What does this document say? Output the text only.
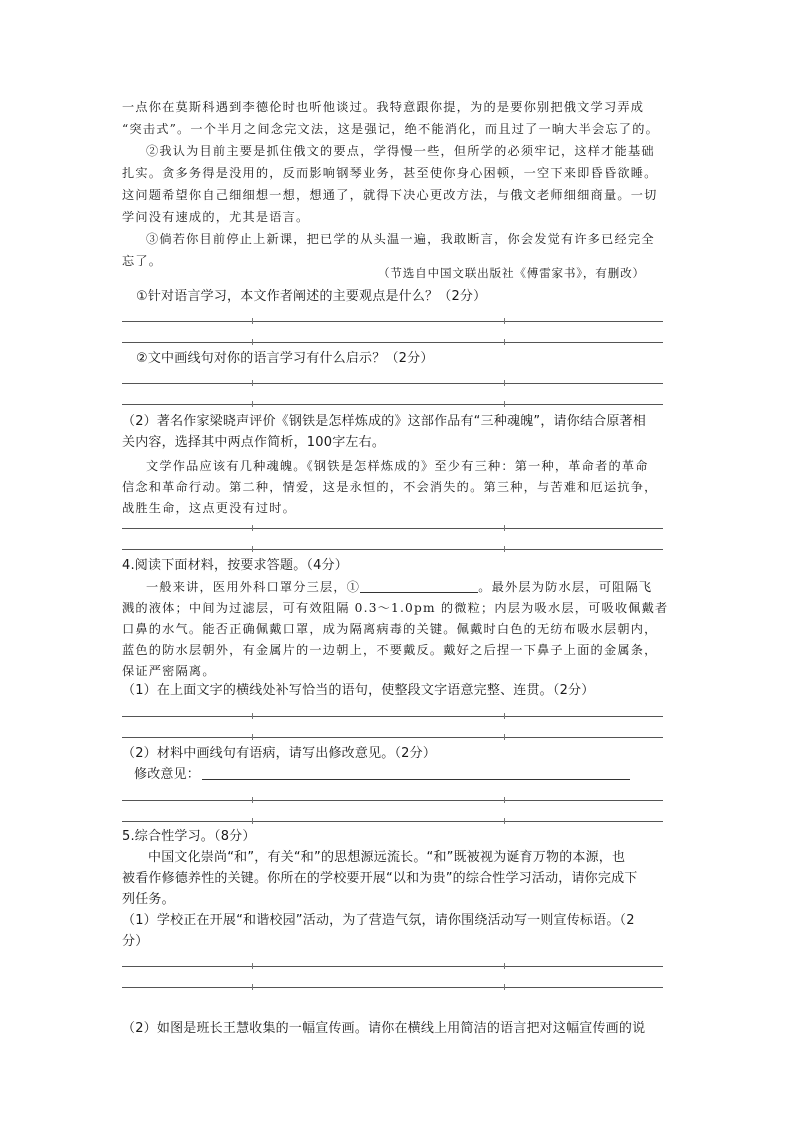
一点你在莫斯科遇到李德伦时也听他谈过。我特意跟你提，为的是要你别把俄文学习弄成
“突击式”。一个半月之间念完文法，这是强记，绝不能消化，而且过了一晌大半会忘了的。
②我认为目前主要是抓住俄文的要点，学得慢一些，但所学的必须牢记，这样才能基础
扎实。贪多务得是没用的，反而影响钢琴业务，甚至使你身心困顿，一空下来即昏昏欲睡。
这问题希望你自己细细想一想，想通了，就得下决心更改方法，与俄文老师细细商量。一切
学问没有速成的，尤其是语言。
③倘若你目前停止上新课，把已学的从头温一遍，我敢断言，你会发觉有许多已经完全
忘了。
（节选自中国文联出版社《傅雷家书》，有删改）
①针对语言学习，本文作者阐述的主要观点是什么？（2分）
②文中画线句对你的语言学习有什么启示？（2分）
（2）著名作家梁晓声评价《钢铁是怎样炼成的》这部作品有“三种魂魄”，请你结合原著相
关内容，选择其中两点作简析，100字左右。
文学作品应该有几种魂魄。《钢铁是怎样炼成的》至少有三种：第一种，革命者的革命
信念和革命行动。第二种，情爱，这是永恒的，不会消失的。第三种，与苦难和厄运抗争，
战胜生命，这点更没有过时。
4.阅读下面材料，按要求答题。（4分）
一般来讲，医用外科口罩分三层，①	。最外层为防水层，可阻隔飞
溅的液体；中间为过滤层，可有效阻隔 0.3～1.0pm 的微粒；内层为吸水层，可吸收佩戴者
口鼻的水气。能否正确佩戴口罩，成为隔离病毒的关键。佩戴时白色的无纺布吸水层朝内，
蓝色的防水层朝外，有金属片的一边朝上，不要戴反。戴好之后捏一下鼻子上面的金属条，
保证严密隔离。
（1）在上面文字的横线处补写恰当的语句，使整段文字语意完整、连贯。（2分）
（2）材料中画线句有语病，请写出修改意见。（2分）
修改意见：
5.综合性学习。（8分）
中国文化崇尚“和”，有关“和”的思想源远流长。“和”既被视为诞育万物的本源，也
被看作修德养性的关键。你所在的学校要开展“以和为贵”的综合性学习活动，请你完成下
列任务。
（1）学校正在开展“和谐校园”活动，为了营造气氛，请你围绕活动写一则宣传标语。（2
分）
（2）如图是班长王慧收集的一幅宣传画。请你在横线上用简洁的语言把对这幅宣传画的说
